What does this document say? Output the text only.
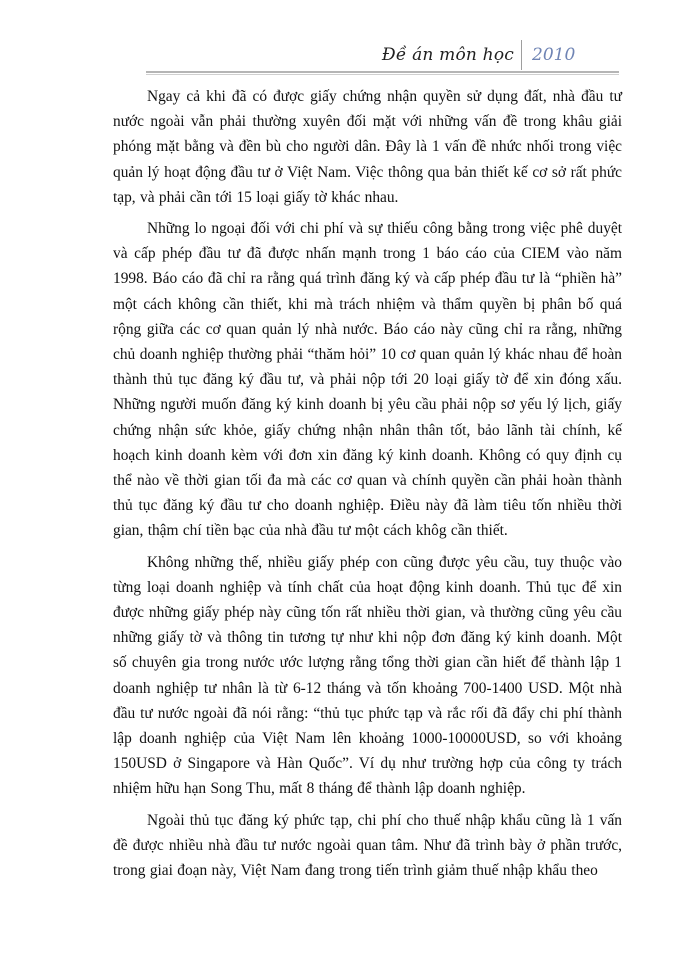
Đề án môn học 2010

Ngay cả khi đã có được giấy chứng nhận quyền sử dụng đất, nhà đầu tư nước ngoài vẫn phải thường xuyên đối mặt với những vấn đề trong khâu giải phóng mặt bằng và đền bù cho người dân. Đây là 1 vấn đề nhức nhối trong việc quản lý hoạt động đầu tư ở Việt Nam. Việc thông qua bản thiết kế cơ sở rất phức tạp, và phải cần tới 15 loại giấy tờ khác nhau.

Những lo ngoại đối với chi phí và sự thiếu công bằng trong việc phê duyệt và cấp phép đầu tư đã được nhấn mạnh trong 1 báo cáo của CIEM vào năm 1998. Báo cáo đã chỉ ra rằng quá trình đăng ký và cấp phép đầu tư là “phiền hà” một cách không cần thiết, khi mà trách nhiệm và thẩm quyền bị phân bố quá rộng giữa các cơ quan quản lý nhà nước. Báo cáo này cũng chỉ ra rằng, những chủ doanh nghiệp thường phải “thăm hỏi” 10 cơ quan quản lý khác nhau để hoàn thành thủ tục đăng ký đầu tư, và phải nộp tới 20 loại giấy tờ để xin đóng xấu. Những người muốn đăng ký kinh doanh bị yêu cầu phải nộp sơ yếu lý lịch, giấy chứng nhận sức khỏe, giấy chứng nhận nhân thân tốt, bảo lãnh tài chính, kế hoạch kinh doanh kèm với đơn xin đăng ký kinh doanh. Không có quy định cụ thể nào về thời gian tối đa mà các cơ quan và chính quyền cần phải hoàn thành thủ tục đăng ký đầu tư cho doanh nghiệp. Điều này đã làm tiêu tốn nhiều thời gian, thậm chí tiền bạc của nhà đầu tư một cách khôg cần thiết.

Không những thế, nhiều giấy phép con cũng được yêu cầu, tuy thuộc vào từng loại doanh nghiệp và tính chất của hoạt động kinh doanh. Thủ tục để xin được những giấy phép này cũng tốn rất nhiều thời gian, và thường cũng yêu cầu những giấy tờ và thông tin tương tự như khi nộp đơn đăng ký kinh doanh. Một số chuyên gia trong nước ước lượng rằng tổng thời gian cần hiết để thành lập 1 doanh nghiệp tư nhân là từ 6-12 tháng và tốn khoảng 700-1400 USD. Một nhà đầu tư nước ngoài đã nói rằng: “thủ tục phức tạp và rắc rối đã đẩy chi phí thành lập doanh nghiệp của Việt Nam lên khoảng 1000-10000USD, so với khoảng 150USD ở Singapore và Hàn Quốc”. Ví dụ như trường hợp của công ty trách nhiệm hữu hạn Song Thu, mất 8 tháng để thành lập doanh nghiệp.

Ngoài thủ tục đăng ký phức tạp, chi phí cho thuế nhập khẩu cũng là 1 vấn đề được nhiều nhà đầu tư nước ngoài quan tâm. Như đã trình bày ở phần trước, trong giai đoạn này, Việt Nam đang trong tiến trình giảm thuế nhập khẩu theo
